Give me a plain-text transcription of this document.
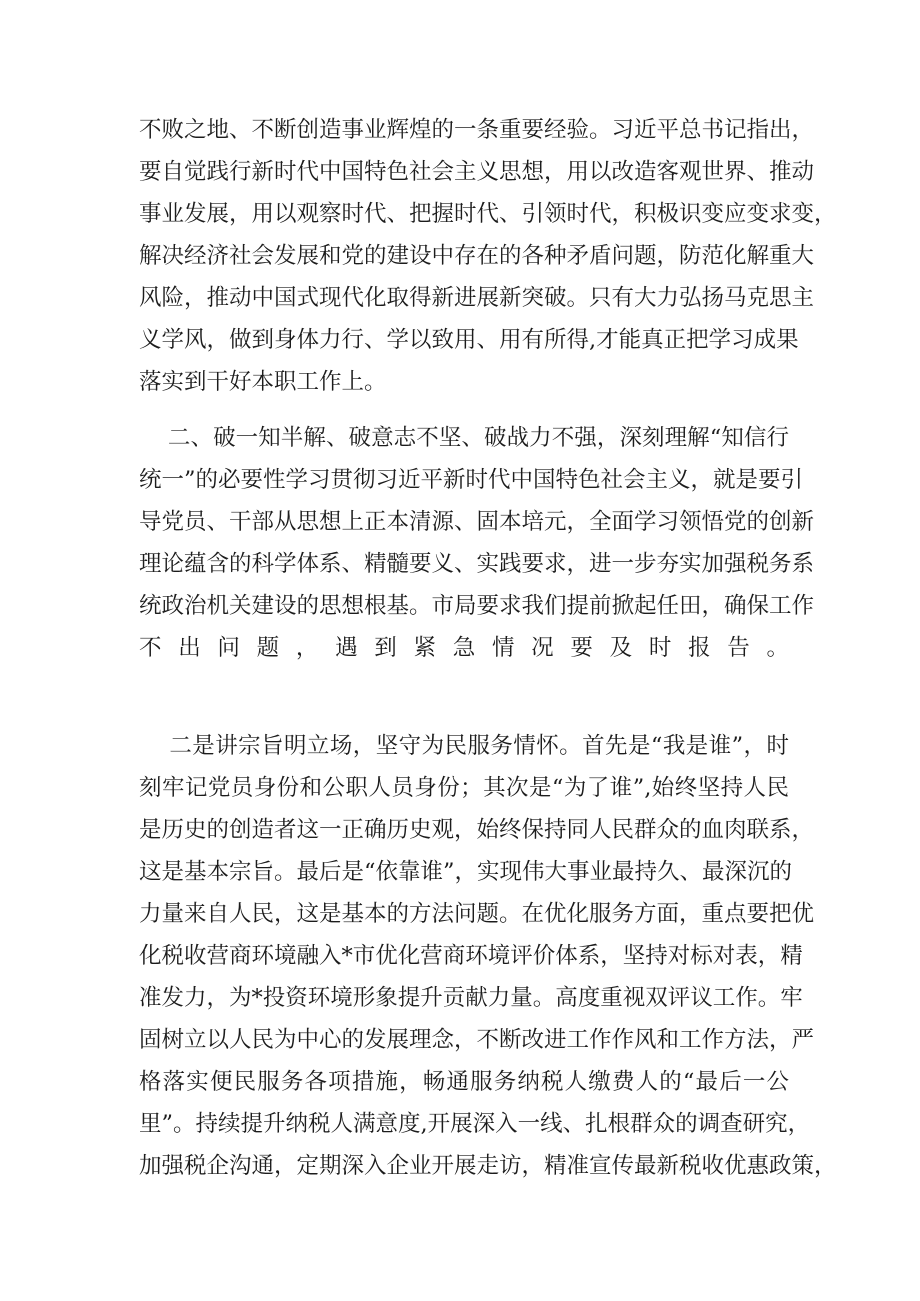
不败之地、不断创造事业辉煌的一条重要经验。习近平总书记指出，
要自觉践行新时代中国特色社会主义思想，用以改造客观世界、推动
事业发展，用以观察时代、把握时代、引领时代，积极识变应变求变，
解决经济社会发展和党的建设中存在的各种矛盾问题，防范化解重大
风险，推动中国式现代化取得新进展新突破。只有大力弘扬马克思主
义学风，做到身体力行、学以致用、用有所得,才能真正把学习成果
落实到干好本职工作上。
二、破一知半解、破意志不坚、破战力不强，深刻理解“知信行
统一”的必要性学习贯彻习近平新时代中国特色社会主义，就是要引
导党员、干部从思想上正本清源、固本培元，全面学习领悟党的创新
理论蕴含的科学体系、精髓要义、实践要求，进一步夯实加强税务系
统政治机关建设的思想根基。市局要求我们提前掀起任田，确保工作
不出问题，遇到紧急情况要及时报告。
二是讲宗旨明立场，坚守为民服务情怀。首先是“我是谁”，时
刻牢记党员身份和公职人员身份；其次是“为了谁”,始终坚持人民
是历史的创造者这一正确历史观，始终保持同人民群众的血肉联系，
这是基本宗旨。最后是“依靠谁”，实现伟大事业最持久、最深沉的
力量来自人民，这是基本的方法问题。在优化服务方面，重点要把优
化税收营商环境融入*市优化营商环境评价体系，坚持对标对表，精
准发力，为*投资环境形象提升贡献力量。高度重视双评议工作。牢
固树立以人民为中心的发展理念，不断改进工作作风和工作方法，严
格落实便民服务各项措施，畅通服务纳税人缴费人的“最后一公
里”。持续提升纳税人满意度,开展深入一线、扎根群众的调查研究，
加强税企沟通，定期深入企业开展走访，精准宣传最新税收优惠政策，
